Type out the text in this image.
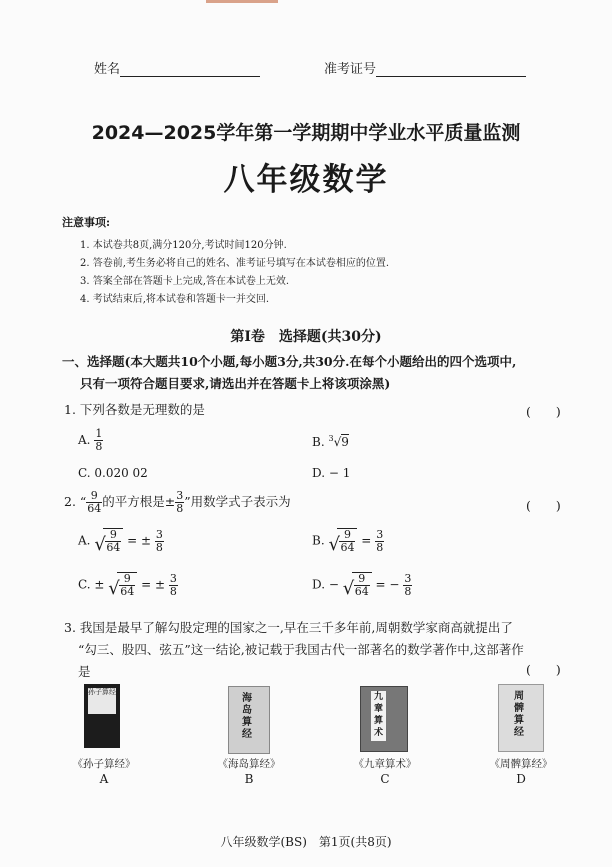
姓名	准考证号
2024—2025学年第一学期期中学业水平质量监测
八年级数学
注意事项:
1. 本试卷共8页,满分120分,考试时间120分钟.
2. 答卷前,考生务必将自己的姓名、准考证号填写在本试卷相应的位置.
3. 答案全部在答题卡上完成,答在本试卷上无效.
4. 考试结束后,将本试卷和答题卡一并交回.
第Ⅰ卷　选择题(共30分)
一、选择题(本大题共10个小题,每小题3分,共30分.在每个小题给出的四个选项中,
只有一项符合题目要求,请选出并在答题卡上将该项涂黑)
1. 下列各数是无理数的是	(　　)
A. $\frac{1}{8}$	B. $^3$√9
C. 0.020 02	D. − 1
2. “ $\frac{9}{64}$ 的平方根是± $\frac{3}{8}$ ”用数学式子表示为	(　　)
A. √ $\frac{9}{64}$ = ± $\frac{3}{8}$	B. √ $\frac{9}{64} = \frac{3}{8}$
C. ± √ $\frac{9}{64}$ = ± $\frac{3}{8}$	D. − √ $\frac{9}{64}$ = − $\frac{3}{8}$
3. 我国是最早了解勾股定理的国家之一,早在三千多年前,周朝数学家商高就提出了
“勾三、股四、弦五”这一结论,被记载于我国古代一部著名的数学著作中,这部著作
是	(　　)
孙子算经
海岛算经
九章算术
周髀算经
《孙子算经》	《海岛算经》	《九章算术》	《周髀算经》
A	B	C	D
八年级数学(BS)　第1页(共8页)
